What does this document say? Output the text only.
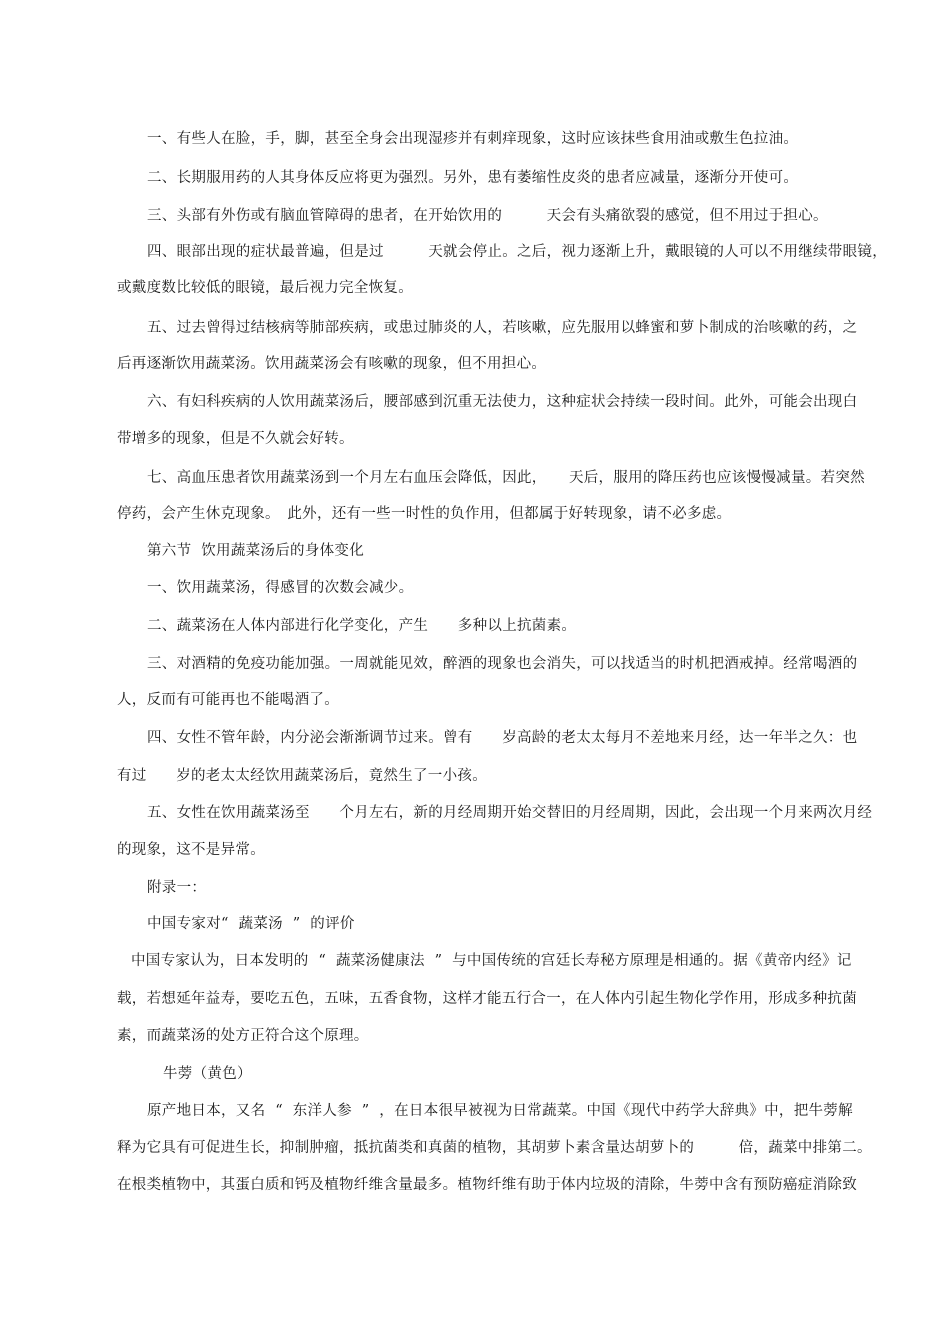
一、有些人在脸，手，脚，甚至全身会出现湿疹并有刺痒现象，这时应该抹些食用油或敷生色拉油。
二、长期服用药的人其身体反应将更为强烈。另外，患有萎缩性皮炎的患者应减量，逐渐分开使可。
三、头部有外伤或有脑血管障碍的患者，在开始饮用的　　　天会有头痛欲裂的感觉，但不用过于担心。
四、眼部出现的症状最普遍，但是过　　　天就会停止。之后，视力逐渐上升，戴眼镜的人可以不用继续带眼镜，
或戴度数比较低的眼镜，最后视力完全恢复。
五、过去曾得过结核病等肺部疾病，或患过肺炎的人，若咳嗽，应先服用以蜂蜜和萝卜制成的治咳嗽的药，之
后再逐渐饮用蔬菜汤。饮用蔬菜汤会有咳嗽的现象，但不用担心。
六、有妇科疾病的人饮用蔬菜汤后，腰部感到沉重无法使力，这种症状会持续一段时间。此外，可能会出现白
带增多的现象，但是不久就会好转。
七、高血压患者饮用蔬菜汤到一个月左右血压会降低，因此，　　天后，服用的降压药也应该慢慢减量。若突然
停药，会产生休克现象。　此外，还有一些一时性的负作用，但都属于好转现象，请不必多虑。
第六节  饮用蔬菜汤后的身体变化
一、饮用蔬菜汤，得感冒的次数会减少。
二、蔬菜汤在人体内部进行化学变化，产生　　多种以上抗菌素。
三、对酒精的免疫功能加强。一周就能见效，醉酒的现象也会消失，可以找适当的时机把酒戒掉。经常喝酒的
人，反而有可能再也不能喝酒了。
四、女性不管年龄，内分泌会渐渐调节过来。曾有　　岁高龄的老太太每月不差地来月经，达一年半之久：也
有过　　岁的老太太经饮用蔬菜汤后，竟然生了一小孩。
五、女性在饮用蔬菜汤至　　个月左右，新的月经周期开始交替旧的月经周期，因此，会出现一个月来两次月经
的现象，这不是异常。
附录一：
中国专家对“  蔬菜汤  ”  的评价
中国专家认为，日本发明的  “  蔬菜汤健康法  ”  与中国传统的宫廷长寿秘方原理是相通的。据《黄帝内经》记
载，若想延年益寿，要吃五色，五味，五香食物，这样才能五行合一，在人体内引起生物化学作用，形成多种抗菌
素，而蔬菜汤的处方正符合这个原理。
牛蒡（黄色）
原产地日本，又名  “  东洋人参  ”  ，在日本很早被视为日常蔬菜。中国《现代中药学大辞典》中，把牛蒡解
释为它具有可促进生长，抑制肿瘤，抵抗菌类和真菌的植物，其胡萝卜素含量达胡萝卜的　　　倍，蔬菜中排第二。
在根类植物中，其蛋白质和钙及植物纤维含量最多。植物纤维有助于体内垃圾的清除，牛蒡中含有预防癌症消除致
